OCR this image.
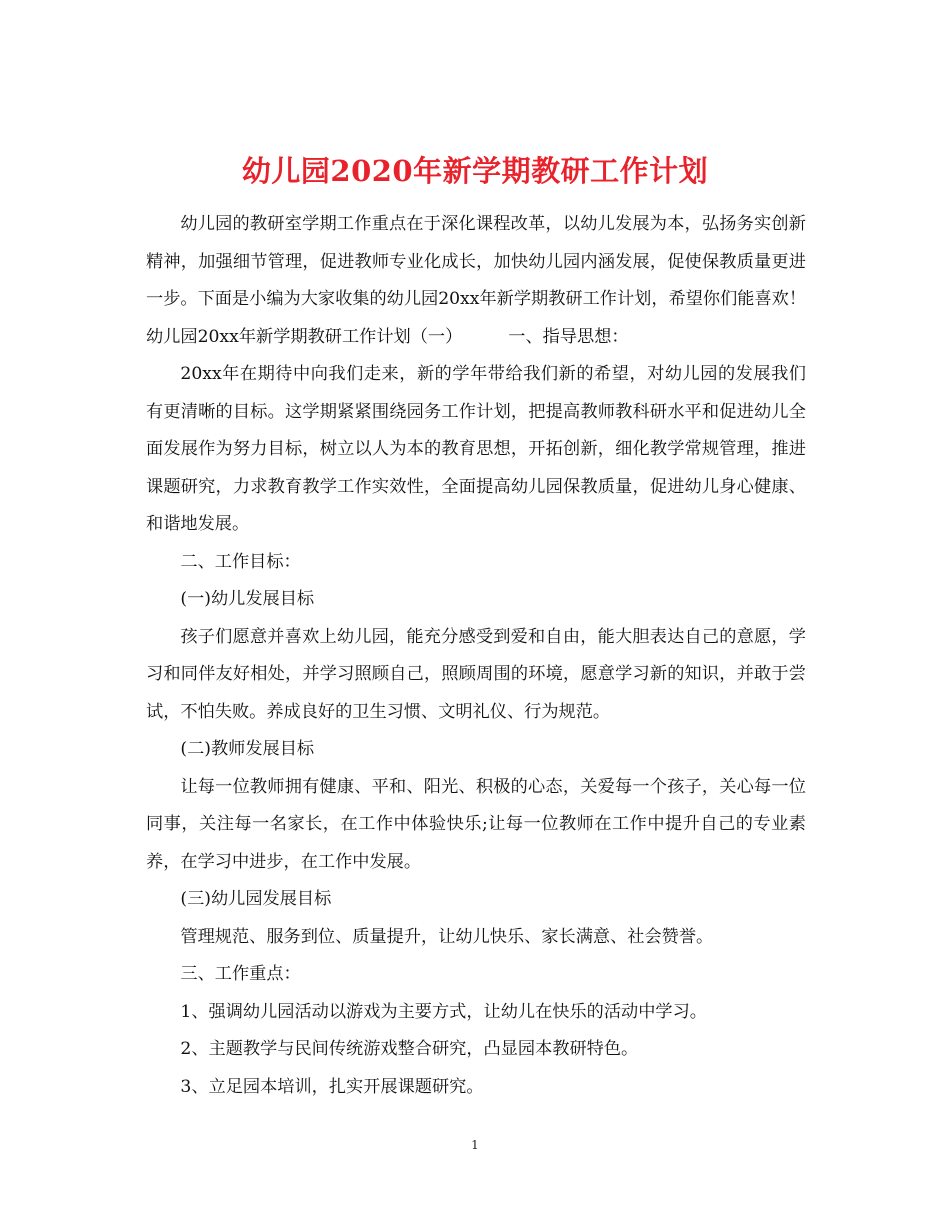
幼儿园2020年新学期教研工作计划

幼儿园的教研室学期工作重点在于深化课程改革，以幼儿发展为本，弘扬务实创新精神，加强细节管理，促进教师专业化成长，加快幼儿园内涵发展，促使保教质量更进一步。下面是小编为大家收集的幼儿园20xx年新学期教研工作计划，希望你们能喜欢！

幼儿园20xx年新学期教研工作计划（一）	一、指导思想：

20xx年在期待中向我们走来，新的学年带给我们新的希望，对幼儿园的发展我们有更清晰的目标。这学期紧紧围绕园务工作计划，把提高教师教科研水平和促进幼儿全面发展作为努力目标，树立以人为本的教育思想，开拓创新，细化教学常规管理，推进课题研究，力求教育教学工作实效性，全面提高幼儿园保教质量，促进幼儿身心健康、和谐地发展。

二、工作目标：

(一)幼儿发展目标

孩子们愿意并喜欢上幼儿园，能充分感受到爱和自由，能大胆表达自己的意愿，学习和同伴友好相处，并学习照顾自己，照顾周围的环境，愿意学习新的知识，并敢于尝试，不怕失败。养成良好的卫生习惯、文明礼仪、行为规范。

(二)教师发展目标

让每一位教师拥有健康、平和、阳光、积极的心态，关爱每一个孩子，关心每一位同事，关注每一名家长，在工作中体验快乐;让每一位教师在工作中提升自己的专业素养，在学习中进步，在工作中发展。

(三)幼儿园发展目标

管理规范、服务到位、质量提升，让幼儿快乐、家长满意、社会赞誉。

三、工作重点：

1、强调幼儿园活动以游戏为主要方式，让幼儿在快乐的活动中学习。

2、主题教学与民间传统游戏整合研究，凸显园本教研特色。

3、立足园本培训，扎实开展课题研究。

1
